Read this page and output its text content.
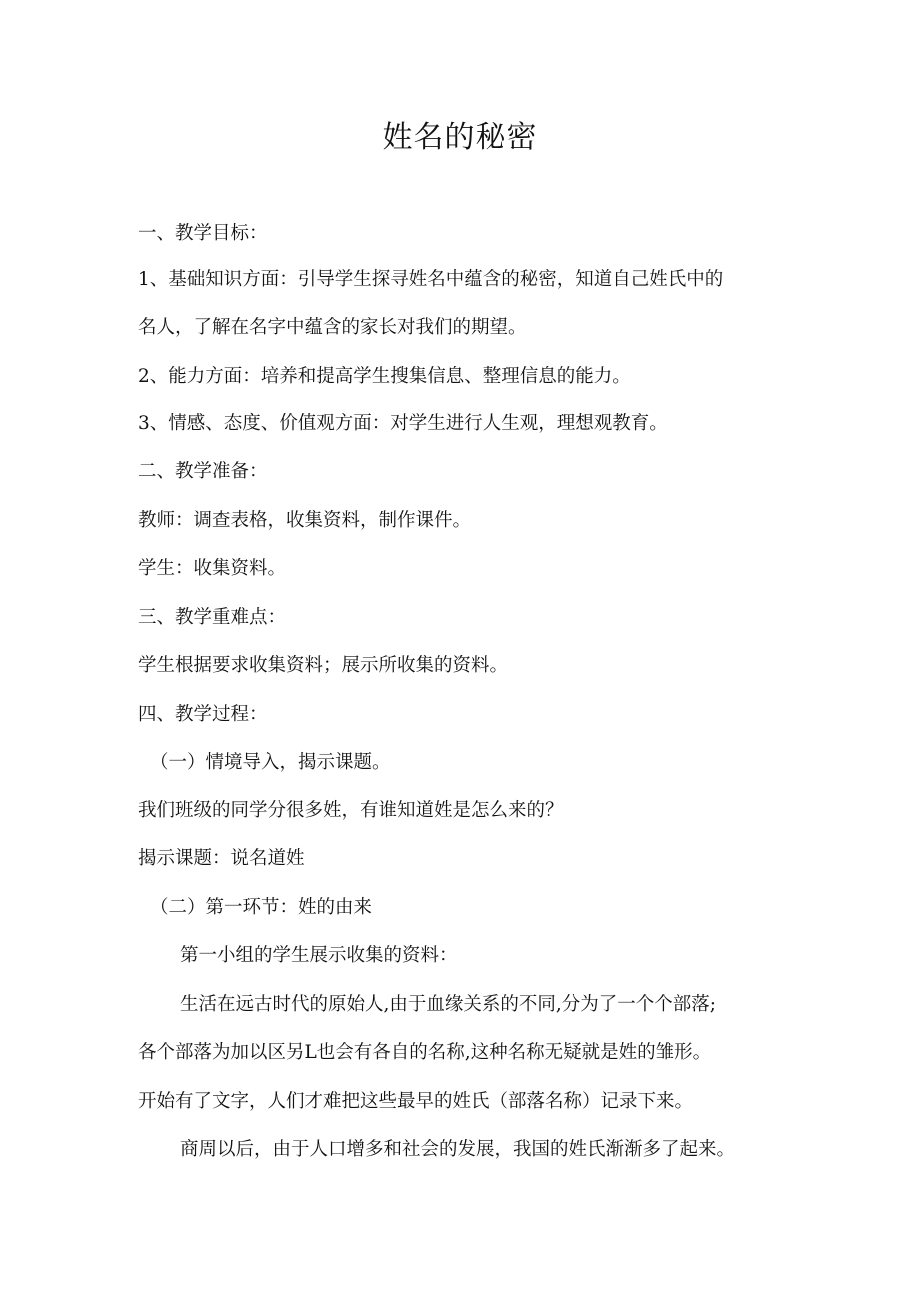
姓名的秘密
一、教学目标：
1、基础知识方面：引导学生探寻姓名中蕴含的秘密，知道自己姓氏中的
名人，了解在名字中蕴含的家长对我们的期望。
2、能力方面：培养和提高学生搜集信息、整理信息的能力。
3、情感、态度、价值观方面：对学生进行人生观，理想观教育。
二、教学准备：
教师：调查表格，收集资料，制作课件。
学生：收集资料。
三、教学重难点：
学生根据要求收集资料；展示所收集的资料。
四、教学过程：
（一）情境导入，揭示课题。
我们班级的同学分很多姓，有谁知道姓是怎么来的？
揭示课题：说名道姓
（二）第一环节：姓的由来
第一小组的学生展示收集的资料：
生活在远古时代的原始人,由于血缘关系的不同,分为了一个个部落;
各个部落为加以区另L也会有各自的名称,这种名称无疑就是姓的雏形。
开始有了文字，人们才难把这些最早的姓氏（部落名称）记录下来。
商周以后，由于人口增多和社会的发展，我国的姓氏渐渐多了起来。
